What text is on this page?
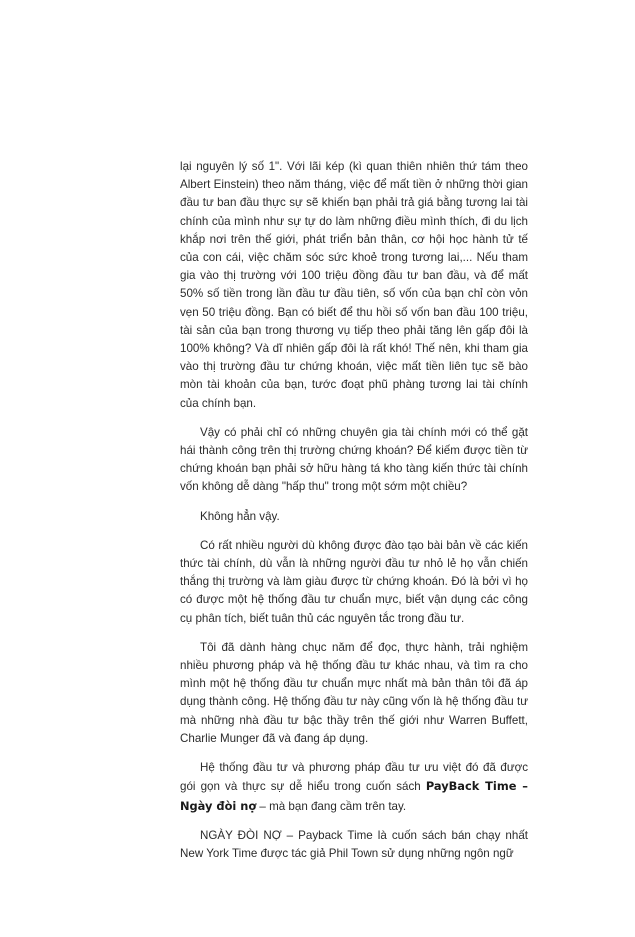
lại nguyên lý số 1". Với lãi kép (kì quan thiên nhiên thứ tám theo Albert Einstein) theo năm tháng, việc để mất tiền ở những thời gian đầu tư ban đầu thực sự sẽ khiến bạn phải trả giá bằng tương lai tài chính của mình như sự tự do làm những điều mình thích, đi du lịch khắp nơi trên thế giới, phát triển bản thân, cơ hội học hành tử tế của con cái, việc chăm sóc sức khoẻ trong tương lai,... Nếu tham gia vào thị trường với 100 triệu đồng đầu tư ban đầu, và để mất 50% số tiền trong lần đầu tư đầu tiên, số vốn của bạn chỉ còn vỏn vẹn 50 triệu đồng. Bạn có biết để thu hồi số vốn ban đầu 100 triệu, tài sản của bạn trong thương vụ tiếp theo phải tăng lên gấp đôi là 100% không? Và dĩ nhiên gấp đôi là rất khó! Thế nên, khi tham gia vào thị trường đầu tư chứng khoán, việc mất tiền liên tục sẽ bào mòn tài khoản của bạn, tước đoạt phũ phàng tương lai tài chính của chính bạn.

Vậy có phải chỉ có những chuyên gia tài chính mới có thể gặt hái thành công trên thị trường chứng khoán? Để kiếm được tiền từ chứng khoán bạn phải sở hữu hàng tá kho tàng kiến thức tài chính vốn không dễ dàng "hấp thu" trong một sớm một chiều?

Không hẳn vậy.

Có rất nhiều người dù không được đào tạo bài bản về các kiến thức tài chính, dù vẫn là những người đầu tư nhỏ lẻ họ vẫn chiến thắng thị trường và làm giàu được từ chứng khoán. Đó là bởi vì họ có được một hệ thống đầu tư chuẩn mực, biết vận dụng các công cụ phân tích, biết tuân thủ các nguyên tắc trong đầu tư.

Tôi đã dành hàng chục năm để đọc, thực hành, trải nghiệm nhiều phương pháp và hệ thống đầu tư khác nhau, và tìm ra cho mình một hệ thống đầu tư chuẩn mực nhất mà bản thân tôi đã áp dụng thành công. Hệ thống đầu tư này cũng vốn là hệ thống đầu tư mà những nhà đầu tư bậc thầy trên thế giới như Warren Buffett, Charlie Munger đã và đang áp dụng.

Hệ thống đầu tư và phương pháp đầu tư ưu việt đó đã được gói gọn và thực sự dễ hiểu trong cuốn sách PayBack Time – Ngày đòi nợ – mà bạn đang cầm trên tay.

NGÀY ĐÒI NỢ – Payback Time là cuốn sách bán chạy nhất New York Time được tác giả Phil Town sử dụng những ngôn ngữ
